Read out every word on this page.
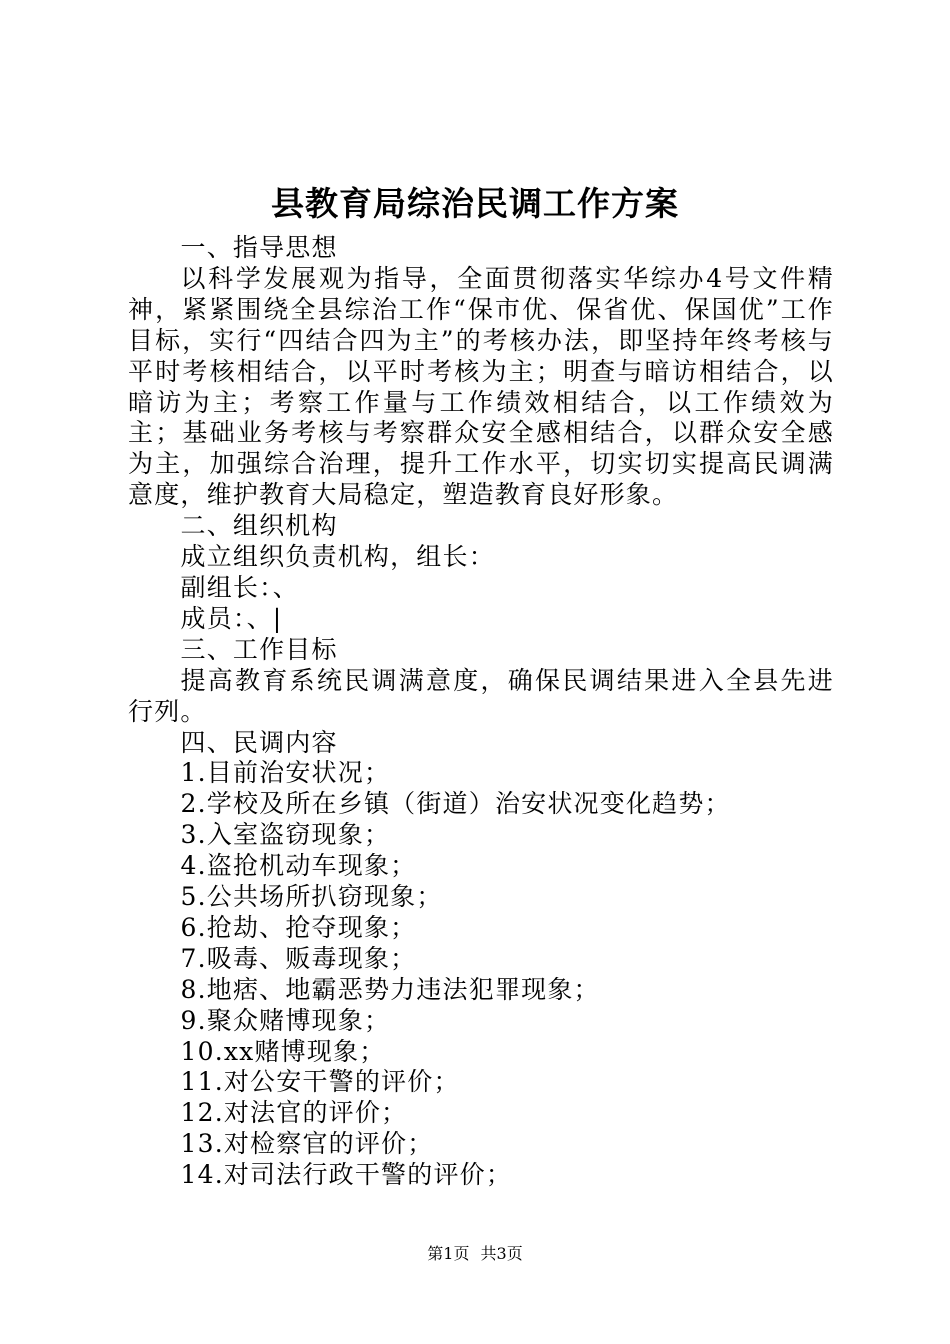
县教育局综治民调工作方案

一、指导思想

以科学发展观为指导，全面贯彻落实华综办4号文件精神，紧紧围绕全县综治工作“保市优、保省优、保国优”工作目标，实行“四结合四为主”的考核办法，即坚持年终考核与平时考核相结合，以平时考核为主；明查与暗访相结合，以暗访为主；考察工作量与工作绩效相结合，以工作绩效为主；基础业务考核与考察群众安全感相结合，以群众安全感为主，加强综合治理，提升工作水平，切实切实提高民调满意度，维护教育大局稳定，塑造教育良好形象。

二、组织机构

成立组织负责机构，组长：

副组长：、

成员：、|

三、工作目标

提高教育系统民调满意度，确保民调结果进入全县先进行列。

四、民调内容

1.目前治安状况；

2.学校及所在乡镇（街道）治安状况变化趋势；

3.入室盗窃现象；

4.盗抢机动车现象；

5.公共场所扒窃现象；

6.抢劫、抢夺现象；

7.吸毒、贩毒现象；

8.地痞、地霸恶势力违法犯罪现象；

9.聚众赌博现象；

10.xx赌博现象；

11.对公安干警的评价；

12.对法官的评价；

13.对检察官的评价；

14.对司法行政干警的评价；

第1页 共3页
